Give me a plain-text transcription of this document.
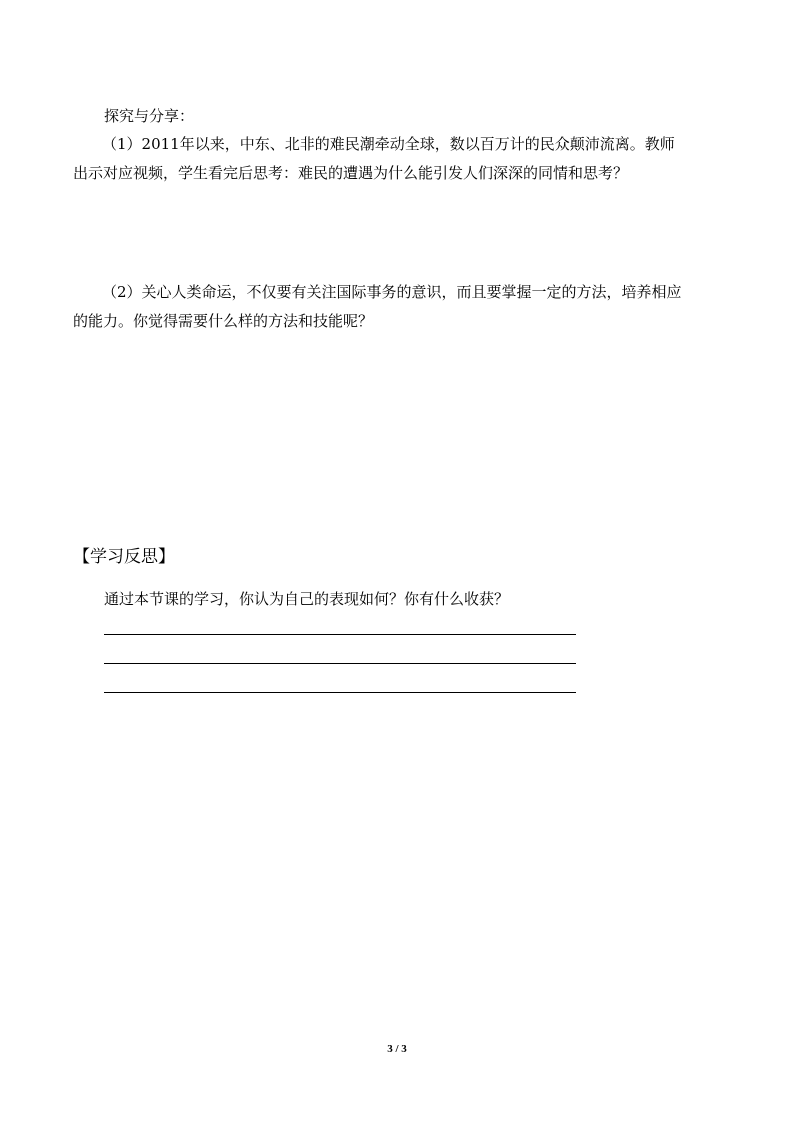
探究与分享：
（1）2011年以来，中东、北非的难民潮牵动全球，数以百万计的民众颠沛流离。教师
出示对应视频，学生看完后思考：难民的遭遇为什么能引发人们深深的同情和思考？
（2）关心人类命运，不仅要有关注国际事务的意识，而且要掌握一定的方法，培养相应
的能力。你觉得需要什么样的方法和技能呢？
【学习反思】
通过本节课的学习，你认为自己的表现如何？你有什么收获？
3 / 3
